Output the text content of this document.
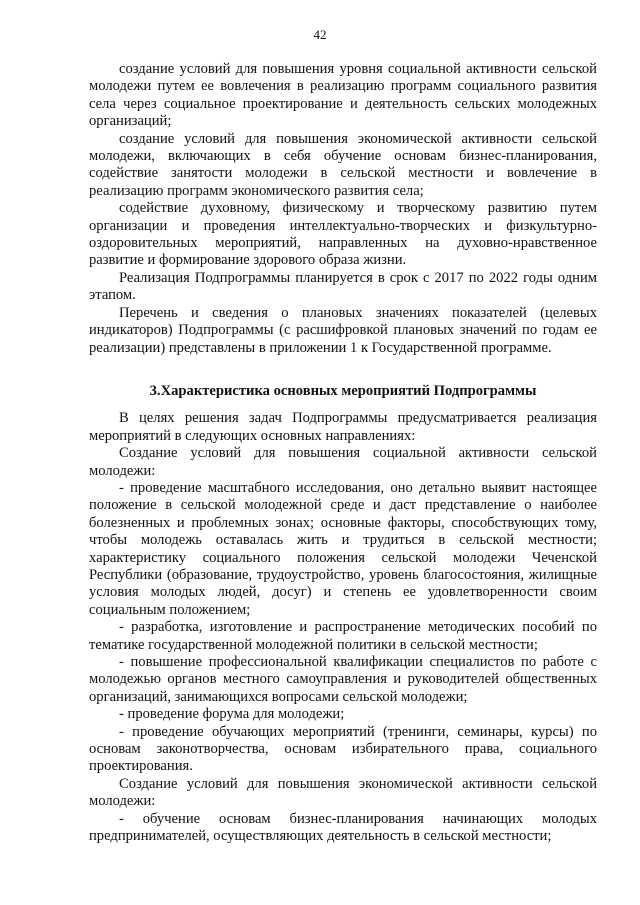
42

создание условий для повышения уровня социальной активности сельской молодежи путем ее вовлечения в реализацию программ социального развития села через социальное проектирование и деятельность сельских молодежных организаций;

создание условий для повышения экономической активности сельской молодежи, включающих в себя обучение основам бизнес-планирования, содействие занятости молодежи в сельской местности и вовлечение в реализацию программ экономического развития села;

содействие духовному, физическому и творческому развитию путем организации и проведения интеллектуально-творческих и физкультурно-оздоровительных мероприятий, направленных на духовно-нравственное развитие и формирование здорового образа жизни.

Реализация Подпрограммы планируется в срок с 2017 по 2022 годы одним этапом.

Перечень и сведения о плановых значениях показателей (целевых индикаторов) Подпрограммы (с расшифровкой плановых значений по годам ее реализации) представлены в приложении 1 к Государственной программе.

3.Характеристика основных мероприятий Подпрограммы

В целях решения задач Подпрограммы предусматривается реализация мероприятий в следующих основных направлениях:

Создание условий для повышения социальной активности сельской молодежи:

- проведение масштабного исследования, оно детально выявит настоящее положение в сельской молодежной среде и даст представление о наиболее болезненных и проблемных зонах; основные факторы, способствующих тому, чтобы молодежь оставалась жить и трудиться в сельской местности; характеристику социального положения сельской молодежи Чеченской Республики (образование, трудоустройство, уровень благосостояния, жилищные условия молодых людей, досуг) и степень ее удовлетворенности своим социальным положением;

- разработка, изготовление и распространение методических пособий по тематике государственной молодежной политики в сельской местности;

- повышение профессиональной квалификации специалистов по работе с молодежью органов местного самоуправления и руководителей общественных организаций, занимающихся вопросами сельской молодежи;

- проведение форума для молодежи;

- проведение обучающих мероприятий (тренинги, семинары, курсы) по основам законотворчества, основам избирательного права, социального проектирования.

Создание условий для повышения экономической активности сельской молодежи:

- обучение основам бизнес-планирования начинающих молодых предпринимателей, осуществляющих деятельность в сельской местности;
